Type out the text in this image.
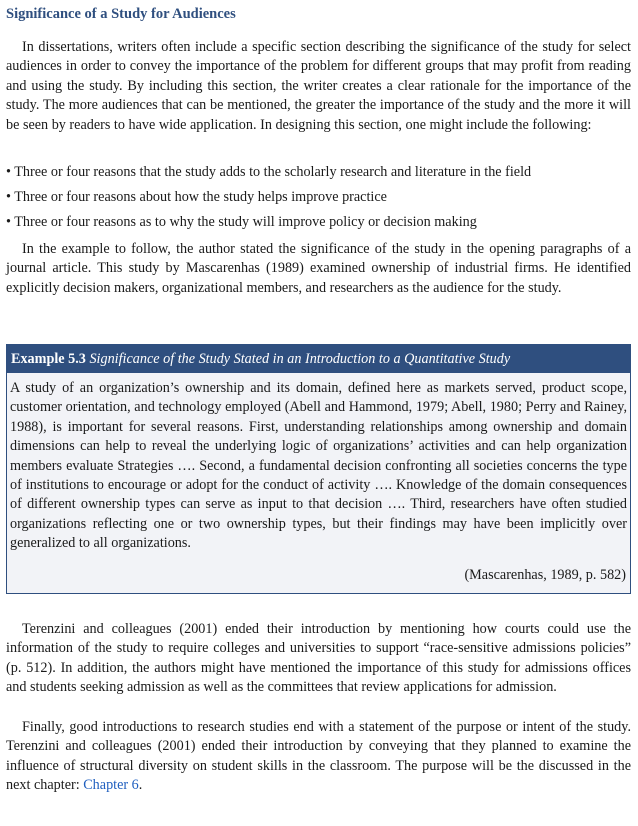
Significance of a Study for Audiences

In dissertations, writers often include a specific section describing the significance of the study for select audiences in order to convey the importance of the problem for different groups that may profit from reading and using the study. By including this section, the writer creates a clear rationale for the importance of the study. The more audiences that can be mentioned, the greater the importance of the study and the more it will be seen by readers to have wide application. In designing this section, one might include the following:

• Three or four reasons that the study adds to the scholarly research and literature in the field

• Three or four reasons about how the study helps improve practice

• Three or four reasons as to why the study will improve policy or decision making

In the example to follow, the author stated the significance of the study in the opening paragraphs of a journal article. This study by Mascarenhas (1989) examined ownership of industrial firms. He identified explicitly decision makers, organizational members, and researchers as the audience for the study.

Example 5.3 Significance of the Study Stated in an Introduction to a Quantitative Study
A study of an organization’s ownership and its domain, defined here as markets served, product scope, customer orientation, and technology employed (Abell and Hammond, 1979; Abell, 1980; Perry and Rainey, 1988), is important for several reasons. First, understanding relationships among ownership and domain dimensions can help to reveal the underlying logic of organizations’ activities and can help organization members evaluate Strategies …. Second, a fundamental decision confronting all societies concerns the type of institutions to encourage or adopt for the conduct of activity …. Knowledge of the domain consequences of different ownership types can serve as input to that decision …. Third, researchers have often studied organizations reflecting one or two ownership types, but their findings may have been implicitly over generalized to all organizations.
(Mascarenhas, 1989, p. 582)

Terenzini and colleagues (2001) ended their introduction by mentioning how courts could use the information of the study to require colleges and universities to support “race-sensitive admissions policies” (p. 512). In addition, the authors might have mentioned the importance of this study for admissions offices and students seeking admission as well as the committees that review applications for admission.

Finally, good introductions to research studies end with a statement of the purpose or intent of the study. Terenzini and colleagues (2001) ended their introduction by conveying that they planned to examine the influence of structural diversity on student skills in the classroom. The purpose will be the discussed in the next chapter: Chapter 6.
